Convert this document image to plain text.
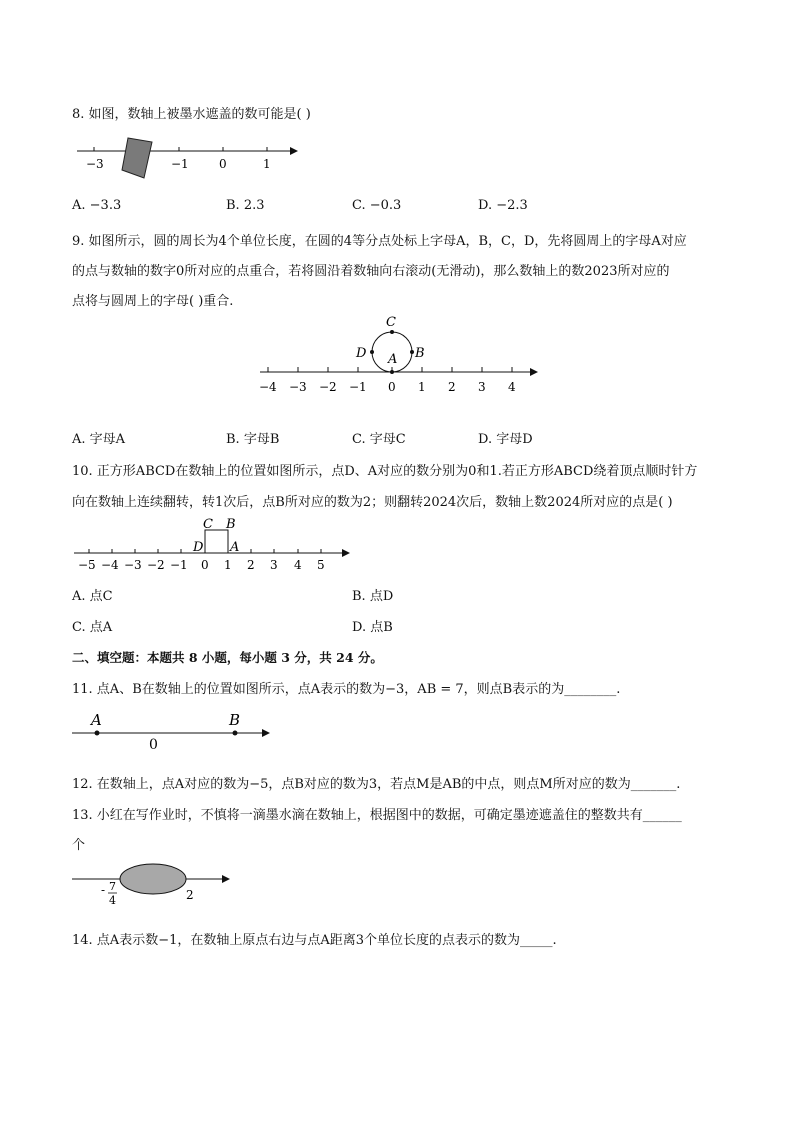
8. 如图，数轴上被墨水遮盖的数可能是( )
−3	−1	0	1
A. −3.3	B. 2.3	C. −0.3	D. −2.3
9. 如图所示，圆的周长为4个单位长度，在圆的4等分点处标上字母A，B，C，D，先将圆周上的字母A对应
的点与数轴的数字0所对应的点重合，若将圆沿着数轴向右滚动(无滑动)，那么数轴上的数2023所对应的
点将与圆周上的字母( )重合.
C
D A B
−4 −3 −2 −1 0 1 2 3 4
A. 字母A	B. 字母B	C. 字母C	D. 字母D
10. 正方形ABCD在数轴上的位置如图所示，点D、A对应的数分别为0和1.若正方形ABCD绕着顶点顺时针方
向在数轴上连续翻转，转1次后，点B所对应的数为2；则翻转2024次后，数轴上数2024所对应的点是( )
C B
D A
−5 −4 −3 −2 −1 0 1 2 3 4 5
A. 点C	B. 点D
C. 点A	D. 点B
二、填空题：本题共 8 小题，每小题 3 分，共 24 分。
11. 点A、B在数轴上的位置如图所示，点A表示的数为−3，AB = 7，则点B表示的为________.
A	B
0
12. 在数轴上，点A对应的数为−5，点B对应的数为3，若点M是AB的中点，则点M所对应的数为_______.
13. 小红在写作业时，不慎将一滴墨水滴在数轴上，根据图中的数据，可确定墨迹遮盖住的整数共有______
个
- 7
4	2
14. 点A表示数−1，在数轴上原点右边与点A距离3个单位长度的点表示的数为_____.
